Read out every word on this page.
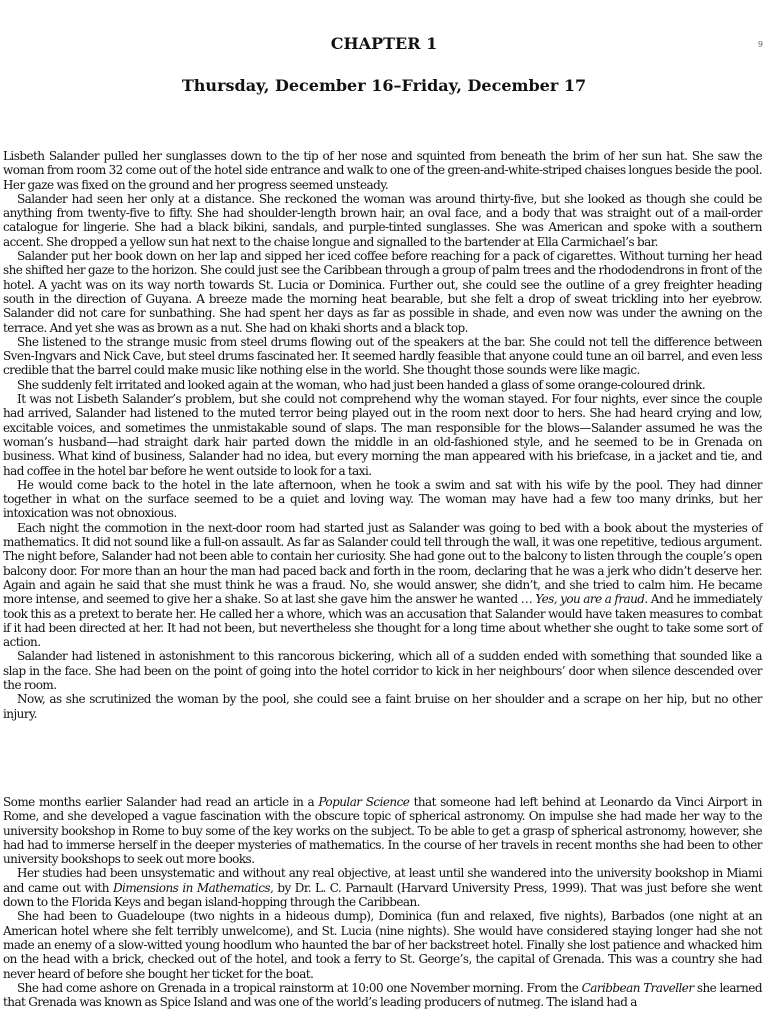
9
CHAPTER 1
Thursday, December 16–Friday, December 17

Lisbeth Salander pulled her sunglasses down to the tip of her nose and squinted from beneath the brim of her sun hat. She saw the woman from room 32 come out of the hotel side entrance and walk to one of the green-and-white-striped chaises longues beside the pool. Her gaze was fixed on the ground and her progress seemed unsteady.

Salander had seen her only at a distance. She reckoned the woman was around thirty-five, but she looked as though she could be anything from twenty-five to fifty. She had shoulder-length brown hair, an oval face, and a body that was straight out of a mail-order catalogue for lingerie. She had a black bikini, sandals, and purple-tinted sunglasses. She was American and spoke with a southern accent. She dropped a yellow sun hat next to the chaise longue and signalled to the bartender at Ella Carmichael’s bar.

Salander put her book down on her lap and sipped her iced coffee before reaching for a pack of cigarettes. Without turning her head she shifted her gaze to the horizon. She could just see the Caribbean through a group of palm trees and the rhododendrons in front of the hotel. A yacht was on its way north towards St. Lucia or Dominica. Further out, she could see the outline of a grey freighter heading south in the direction of Guyana. A breeze made the morning heat bearable, but she felt a drop of sweat trickling into her eyebrow. Salander did not care for sunbathing. She had spent her days as far as possible in shade, and even now was under the awning on the terrace. And yet she was as brown as a nut. She had on khaki shorts and a black top.

She listened to the strange music from steel drums flowing out of the speakers at the bar. She could not tell the difference between Sven-Ingvars and Nick Cave, but steel drums fascinated her. It seemed hardly feasible that anyone could tune an oil barrel, and even less credible that the barrel could make music like nothing else in the world. She thought those sounds were like magic.

She suddenly felt irritated and looked again at the woman, who had just been handed a glass of some orange-coloured drink.

It was not Lisbeth Salander’s problem, but she could not comprehend why the woman stayed. For four nights, ever since the couple had arrived, Salander had listened to the muted terror being played out in the room next door to hers. She had heard crying and low, excitable voices, and sometimes the unmistakable sound of slaps. The man responsible for the blows—Salander assumed he was the woman’s husband—had straight dark hair parted down the middle in an old-fashioned style, and he seemed to be in Grenada on business. What kind of business, Salander had no idea, but every morning the man appeared with his briefcase, in a jacket and tie, and had coffee in the hotel bar before he went outside to look for a taxi.

He would come back to the hotel in the late afternoon, when he took a swim and sat with his wife by the pool. They had dinner together in what on the surface seemed to be a quiet and loving way. The woman may have had a few too many drinks, but her intoxication was not obnoxious.

Each night the commotion in the next-door room had started just as Salander was going to bed with a book about the mysteries of mathematics. It did not sound like a full-on assault. As far as Salander could tell through the wall, it was one repetitive, tedious argument. The night before, Salander had not been able to contain her curiosity. She had gone out to the balcony to listen through the couple’s open balcony door. For more than an hour the man had paced back and forth in the room, declaring that he was a jerk who didn’t deserve her. Again and again he said that she must think he was a fraud. No, she would answer, she didn’t, and she tried to calm him. He became more intense, and seemed to give her a shake. So at last she gave him the answer he wanted … Yes, you are a fraud. And he immediately took this as a pretext to berate her. He called her a whore, which was an accusation that Salander would have taken measures to combat if it had been directed at her. It had not been, but nevertheless she thought for a long time about whether she ought to take some sort of action.

Salander had listened in astonishment to this rancorous bickering, which all of a sudden ended with something that sounded like a slap in the face. She had been on the point of going into the hotel corridor to kick in her neighbours’ door when silence descended over the room.

Now, as she scrutinized the woman by the pool, she could see a faint bruise on her shoulder and a scrape on her hip, but no other injury.

Some months earlier Salander had read an article in a Popular Science that someone had left behind at Leonardo da Vinci Airport in Rome, and she developed a vague fascination with the obscure topic of spherical astronomy. On impulse she had made her way to the university bookshop in Rome to buy some of the key works on the subject. To be able to get a grasp of spherical astronomy, however, she had had to immerse herself in the deeper mysteries of mathematics. In the course of her travels in recent months she had been to other university bookshops to seek out more books.

Her studies had been unsystematic and without any real objective, at least until she wandered into the university bookshop in Miami and came out with Dimensions in Mathematics, by Dr. L. C. Parnault (Harvard University Press, 1999). That was just before she went down to the Florida Keys and began island-hopping through the Caribbean.

She had been to Guadeloupe (two nights in a hideous dump), Dominica (fun and relaxed, five nights), Barbados (one night at an American hotel where she felt terribly unwelcome), and St. Lucia (nine nights). She would have considered staying longer had she not made an enemy of a slow-witted young hoodlum who haunted the bar of her backstreet hotel. Finally she lost patience and whacked him on the head with a brick, checked out of the hotel, and took a ferry to St. George’s, the capital of Grenada. This was a country she had never heard of before she bought her ticket for the boat.

She had come ashore on Grenada in a tropical rainstorm at 10:00 one November morning. From the Caribbean Traveller she learned that Grenada was known as Spice Island and was one of the world’s leading producers of nutmeg. The island had a
